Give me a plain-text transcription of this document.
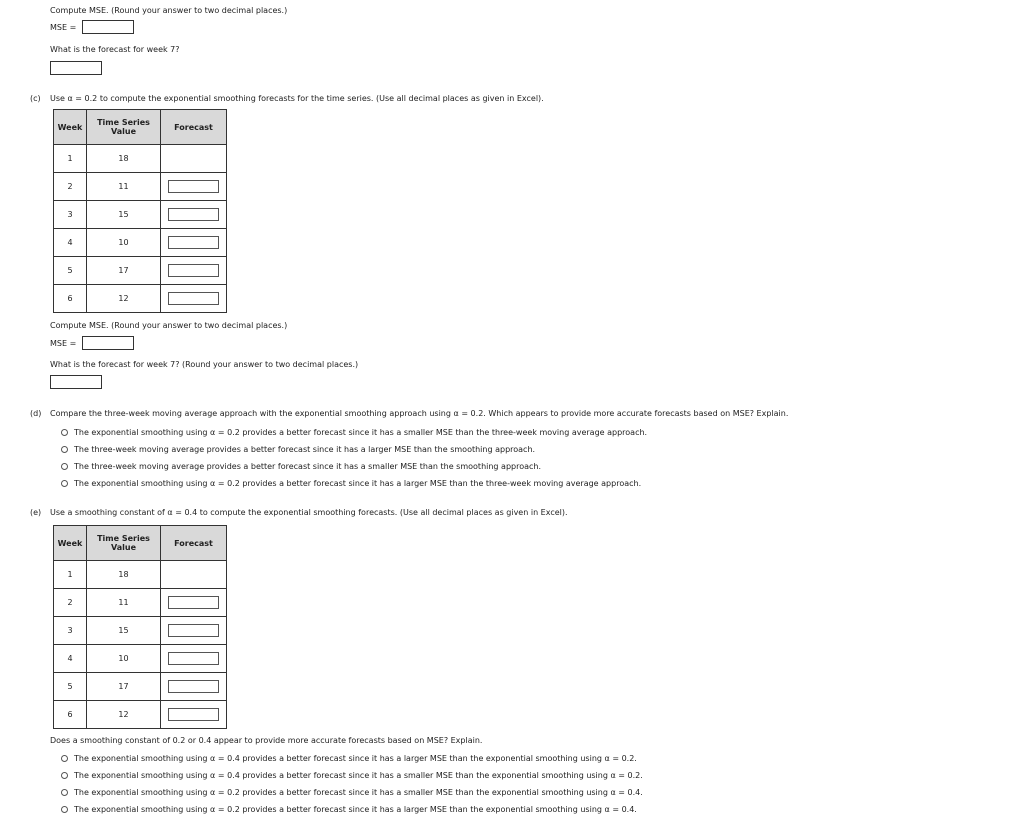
Compute MSE. (Round your answer to two decimal places.)
MSE =
What is the forecast for week 7?
(c) Use α = 0.2 to compute the exponential smoothing forecasts for the time series. (Use all decimal places as given in Excel).
Week	Time Series Value	Forecast
1	18	
2	11	

3	15	

4	10	

5	17	

6	12	
Compute MSE. (Round your answer to two decimal places.)
MSE =
What is the forecast for week 7? (Round your answer to two decimal places.)
(d) Compare the three-week moving average approach with the exponential smoothing approach using α = 0.2. Which appears to provide more accurate forecasts based on MSE? Explain.
The exponential smoothing using α = 0.2 provides a better forecast since it has a smaller MSE than the three-week moving average approach.
The three-week moving average provides a better forecast since it has a larger MSE than the smoothing approach.
The three-week moving average provides a better forecast since it has a smaller MSE than the smoothing approach.
The exponential smoothing using α = 0.2 provides a better forecast since it has a larger MSE than the three-week moving average approach.
(e) Use a smoothing constant of α = 0.4 to compute the exponential smoothing forecasts. (Use all decimal places as given in Excel).
Week	Time Series Value	Forecast
1	18	
2	11	

3	15	

4	10	

5	17	

6	12	
Does a smoothing constant of 0.2 or 0.4 appear to provide more accurate forecasts based on MSE? Explain.
The exponential smoothing using α = 0.4 provides a better forecast since it has a larger MSE than the exponential smoothing using α = 0.2.
The exponential smoothing using α = 0.4 provides a better forecast since it has a smaller MSE than the exponential smoothing using α = 0.2.
The exponential smoothing using α = 0.2 provides a better forecast since it has a smaller MSE than the exponential smoothing using α = 0.4.
The exponential smoothing using α = 0.2 provides a better forecast since it has a larger MSE than the exponential smoothing using α = 0.4.
